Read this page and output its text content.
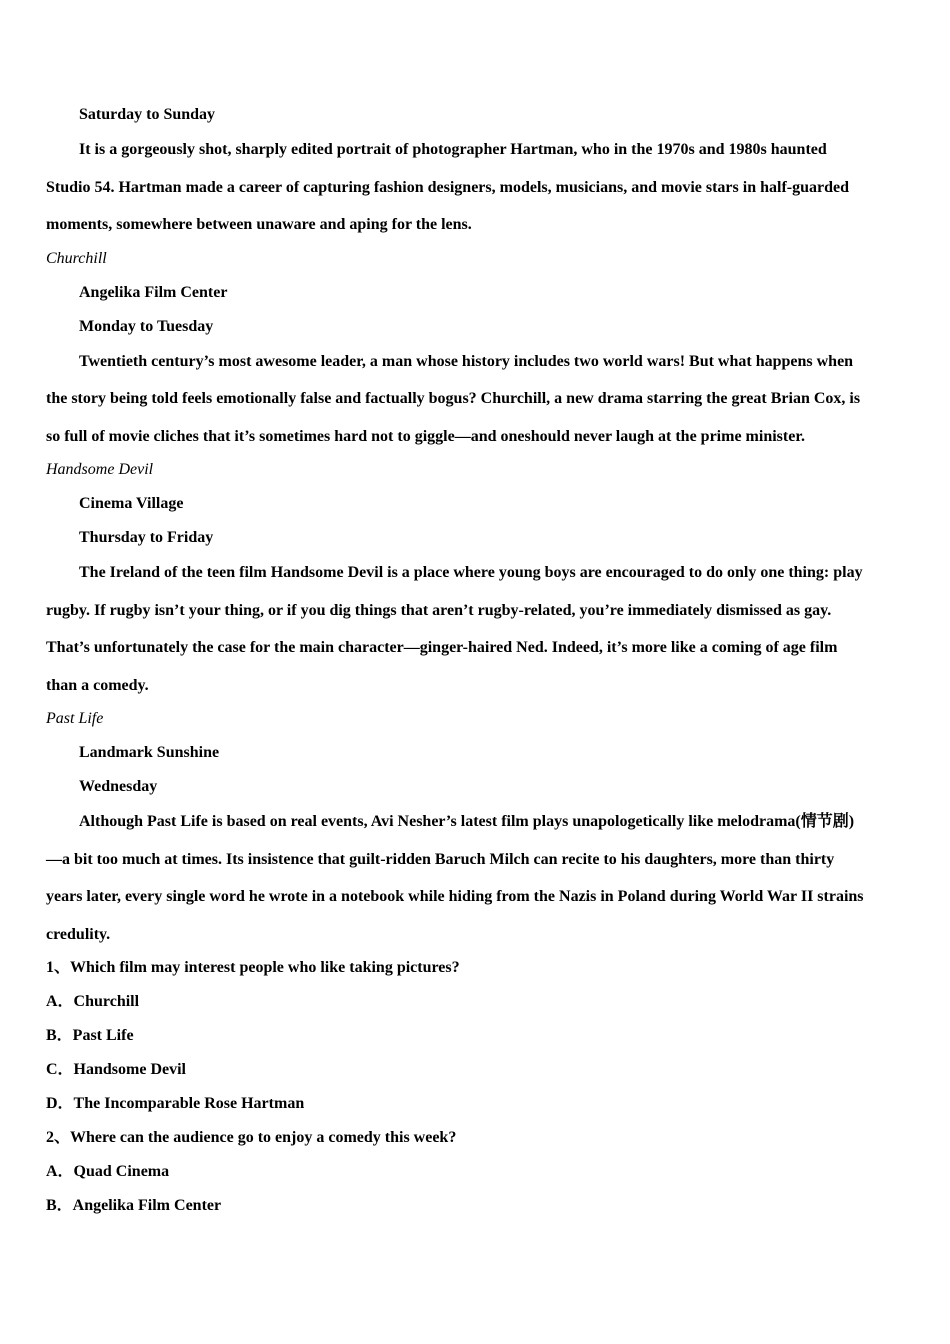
Saturday to Sunday
It is a gorgeously shot, sharply edited portrait of photographer Hartman, who in the 1970s and 1980s haunted
Studio 54. Hartman made a career of capturing fashion designers, models, musicians, and movie stars in half-guarded
moments, somewhere between unaware and aping for the lens.
Churchill
Angelika Film Center
Monday to Tuesday
Twentieth century’s most awesome leader, a man whose history includes two world wars! But what happens when
the story being told feels emotionally false and factually bogus? Churchill, a new drama starring the great Brian Cox, is
so full of movie cliches that it’s sometimes hard not to giggle—and oneshould never laugh at the prime minister.
Handsome Devil
Cinema Village
Thursday to Friday
The Ireland of the teen film Handsome Devil is a place where young boys are encouraged to do only one thing: play
rugby. If rugby isn’t your thing, or if you dig things that aren’t rugby-related, you’re immediately dismissed as gay.
That’s unfortunately the case for the main character—ginger-haired Ned. Indeed, it’s more like a coming of age film
than a comedy.
Past Life
Landmark Sunshine
Wednesday
Although Past Life is based on real events, Avi Nesher’s latest film plays unapologetically like melodrama(情节剧)
—a bit too much at times. Its insistence that guilt-ridden Baruch Milch can recite to his daughters, more than thirty
years later, every single word he wrote in a notebook while hiding from the Nazis in Poland during World War II strains
credulity.
1、Which film may interest people who like taking pictures?
A．Churchill
B．Past Life
C．Handsome Devil
D．The Incomparable Rose Hartman
2、Where can the audience go to enjoy a comedy this week?
A．Quad Cinema
B．Angelika Film Center
